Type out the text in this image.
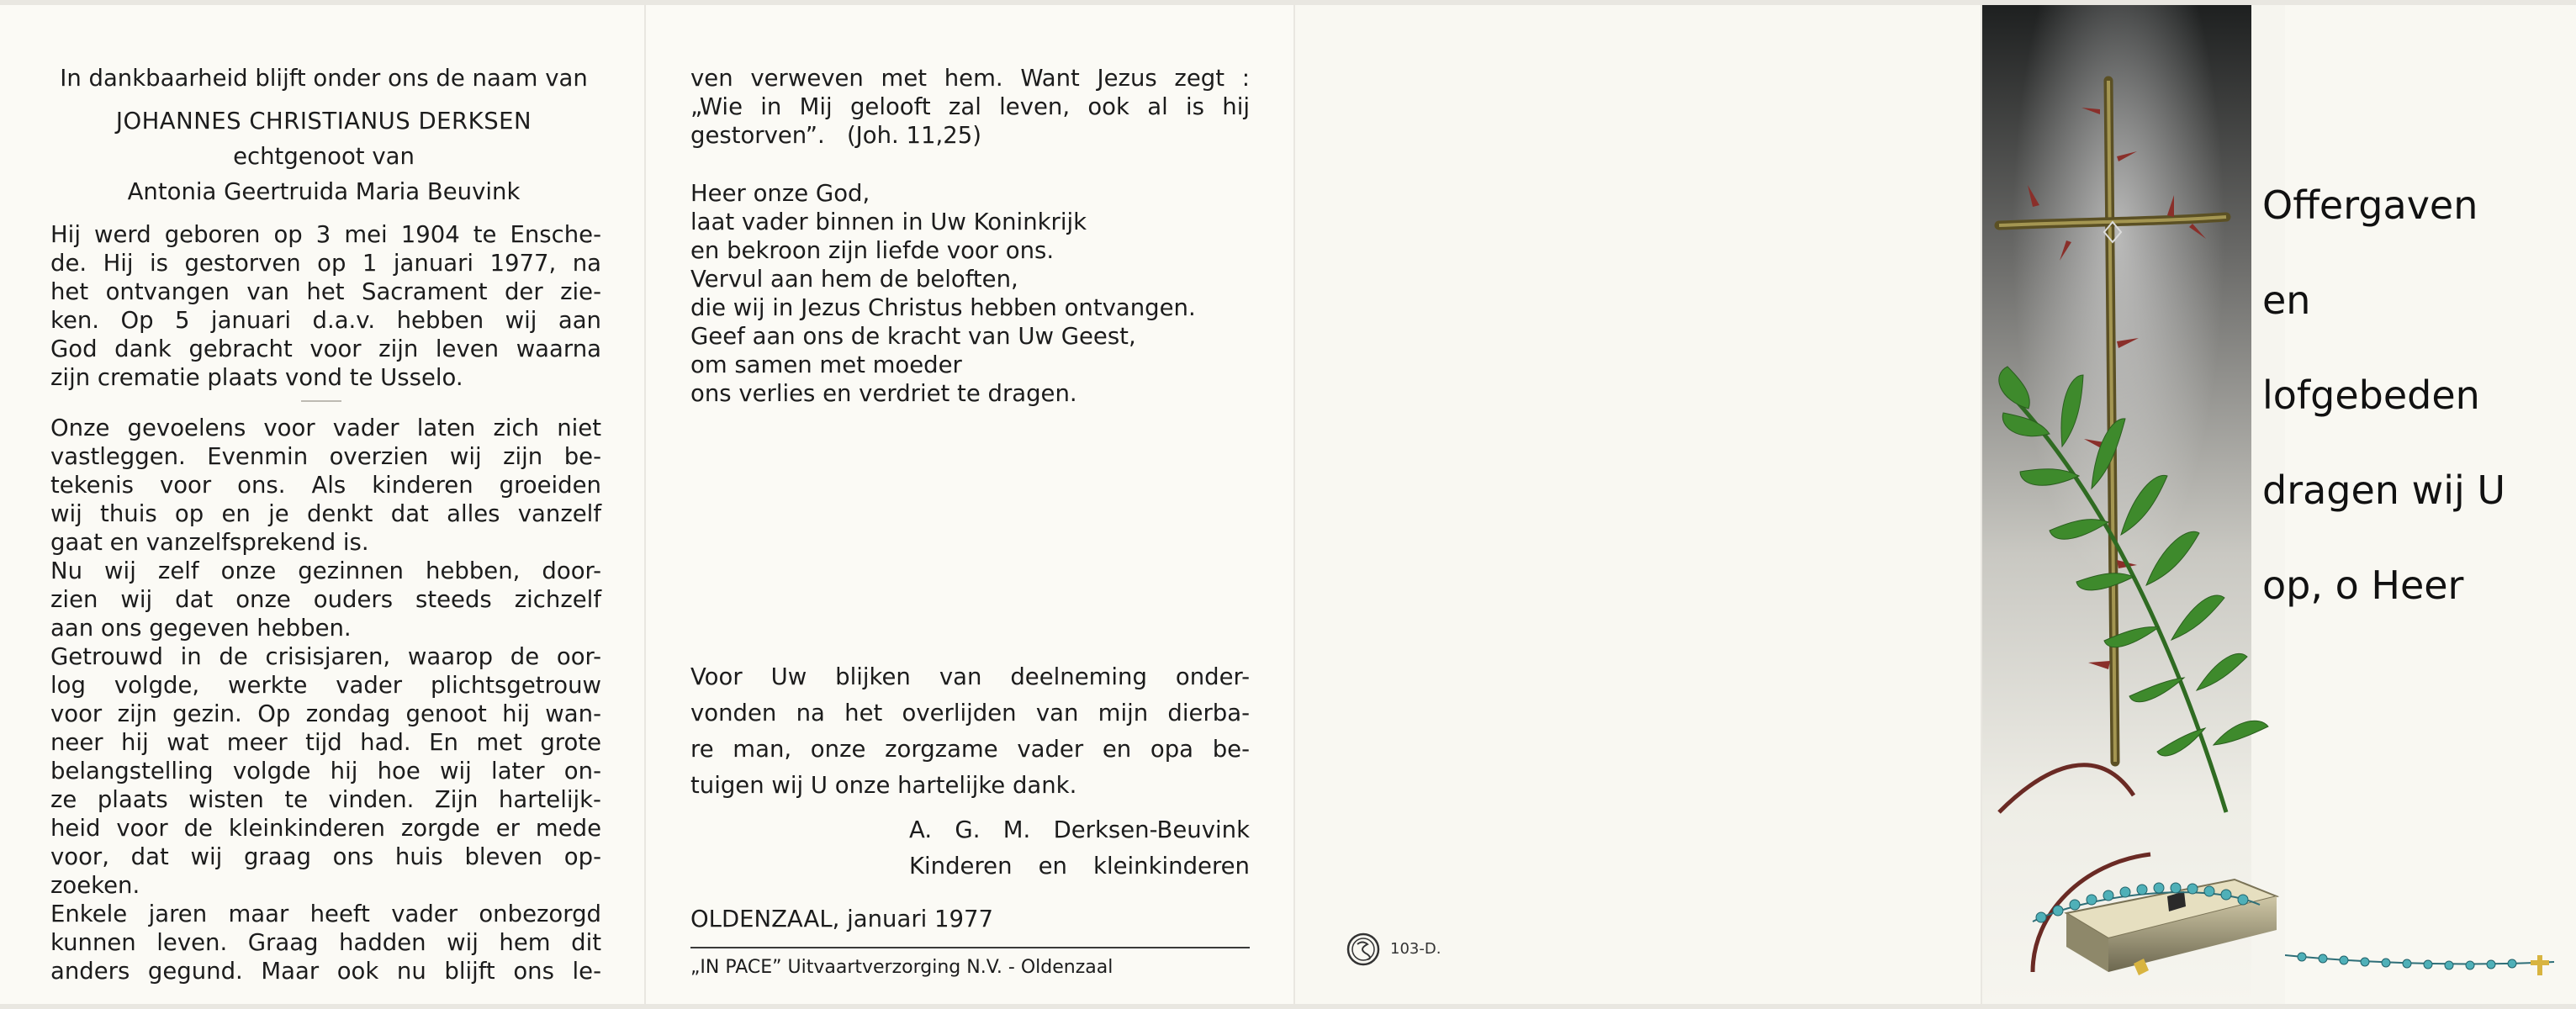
In dankbaarheid blijft onder ons de naam van
JOHANNES CHRISTIANUS DERKSEN
echtgenoot van
Antonia Geertruida Maria Beuvink
Hij werd geboren op 3 mei 1904 te Ensche-
de. Hij is gestorven op 1 januari 1977, na
het ontvangen van het Sacrament der zie-
ken. Op 5 januari d.a.v. hebben wij aan
God dank gebracht voor zijn leven waarna
zijn crematie plaats vond te Usselo.
Onze gevoelens voor vader laten zich niet
vastleggen. Evenmin overzien wij zijn be-
tekenis voor ons. Als kinderen groeiden
wij thuis op en je denkt dat alles vanzelf
gaat en vanzelfsprekend is.
Nu wij zelf onze gezinnen hebben, door-
zien wij dat onze ouders steeds zichzelf
aan ons gegeven hebben.
Getrouwd in de crisisjaren, waarop de oor-
log volgde, werkte vader plichtsgetrouw
voor zijn gezin. Op zondag genoot hij wan-
neer hij wat meer tijd had. En met grote
belangstelling volgde hij hoe wij later on-
ze plaats wisten te vinden. Zijn hartelijk-
heid voor de kleinkinderen zorgde er mede
voor, dat wij graag ons huis bleven op-
zoeken.
Enkele jaren maar heeft vader onbezorgd
kunnen leven. Graag hadden wij hem dit
anders gegund. Maar ook nu blijft ons le-
ven verweven met hem. Want Jezus zegt :
„Wie in Mij gelooft zal leven, ook al is hij
gestorven”.   (Joh. 11,25)
Heer onze God,
laat vader binnen in Uw Koninkrijk
en bekroon zijn liefde voor ons.
Vervul aan hem de beloften,
die wij in Jezus Christus hebben ontvangen.
Geef aan ons de kracht van Uw Geest,
om samen met moeder
ons verlies en verdriet te dragen.
Voor Uw blijken van deelneming onder-
vonden na het overlijden van mijn dierba-
re man, onze zorgzame vader en opa be-
tuigen wij U onze hartelijke dank.
A. G. M. Derksen-Beuvink
Kinderen en kleinkinderen
OLDENZAAL, januari 1977
„IN PACE” Uitvaartverzorging N.V. - Oldenzaal
103-D.
Offergaven
en
lofgebeden
dragen wij U
op, o Heer
